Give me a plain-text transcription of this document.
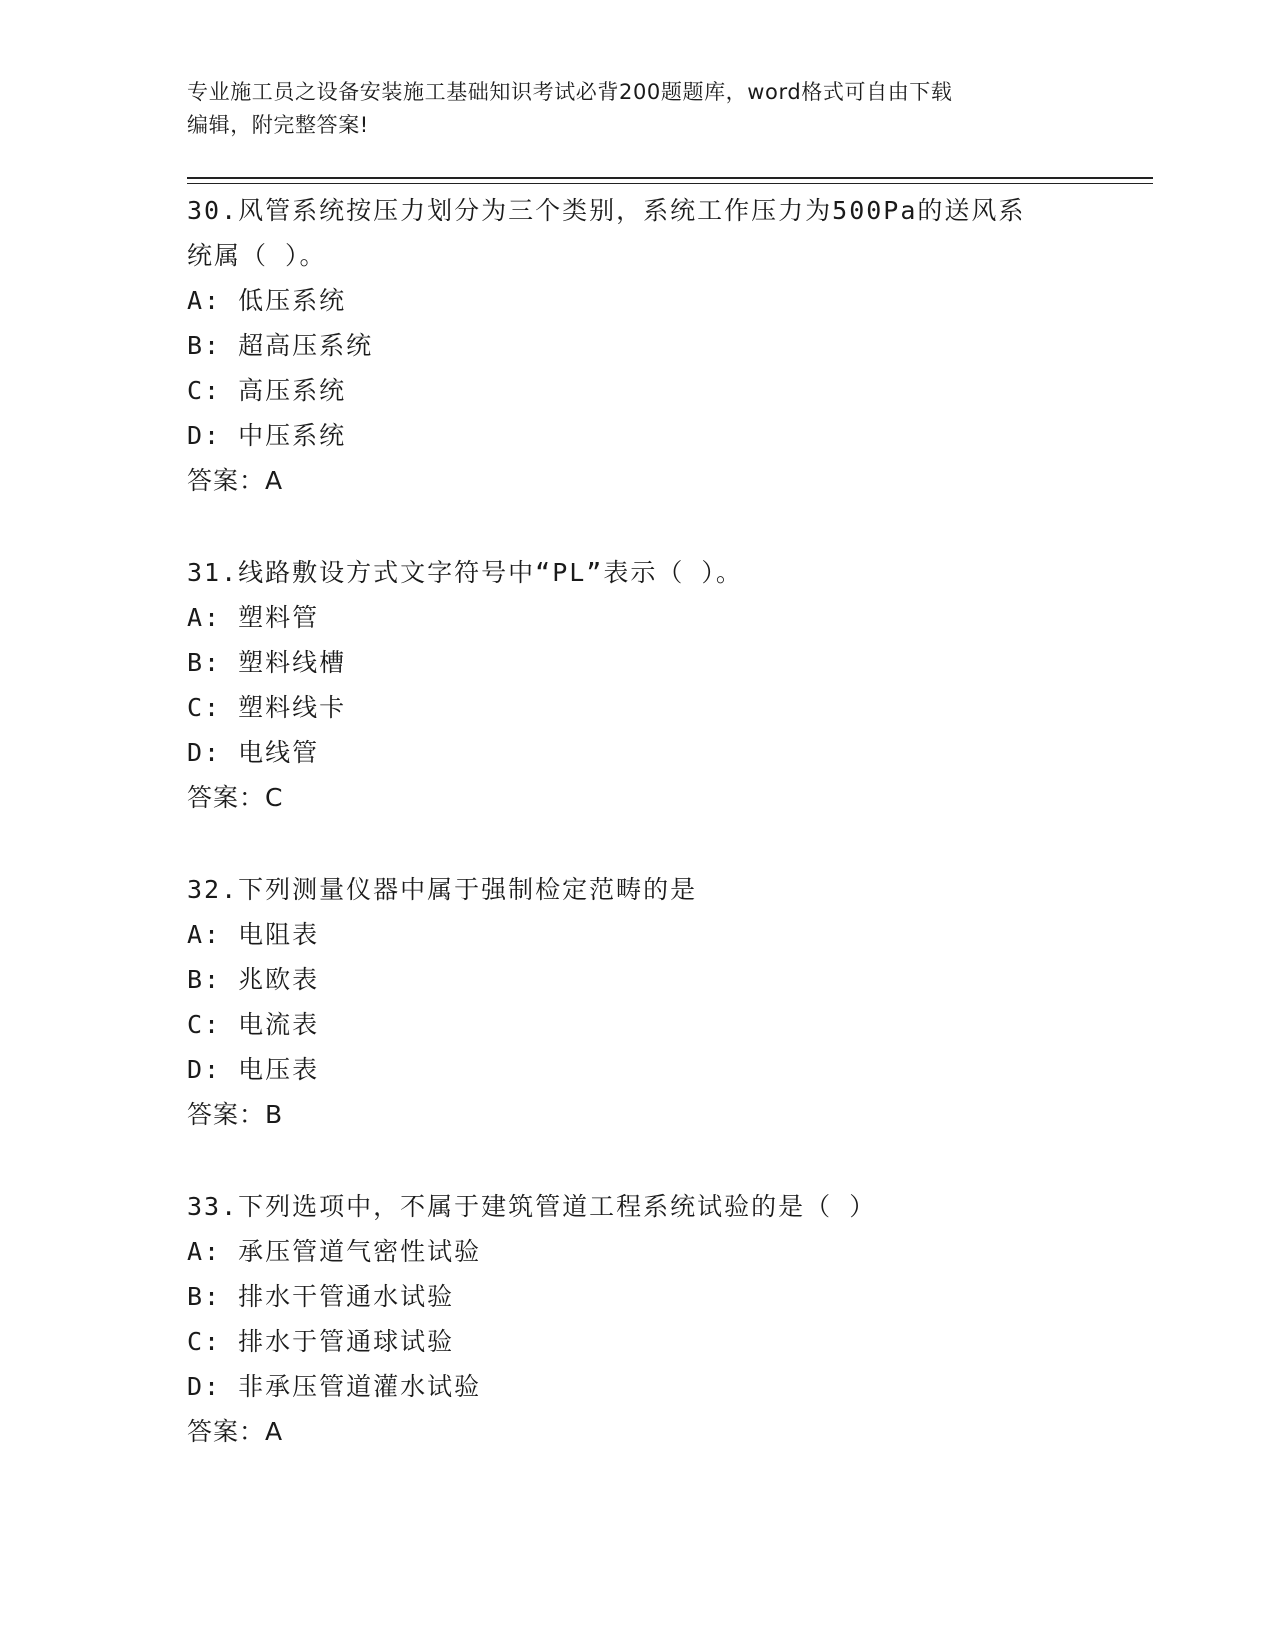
专业施工员之设备安装施工基础知识考试必背200题题库，word格式可自由下载
编辑，附完整答案!
30.风管系统按压力划分为三个类别，系统工作压力为500Pa的送风系
统属（ ）。
A: 低压系统
B: 超高压系统
C: 高压系统
D: 中压系统
答案：A
31.线路敷设方式文字符号中“PL”表示（ ）。
A: 塑料管
B: 塑料线槽
C: 塑料线卡
D: 电线管
答案：C
32.下列测量仪器中属于强制检定范畴的是
A: 电阻表
B: 兆欧表
C: 电流表
D: 电压表
答案：B
33.下列选项中，不属于建筑管道工程系统试验的是（ ）
A: 承压管道气密性试验
B: 排水干管通水试验
C: 排水于管通球试验
D: 非承压管道灌水试验
答案：A
